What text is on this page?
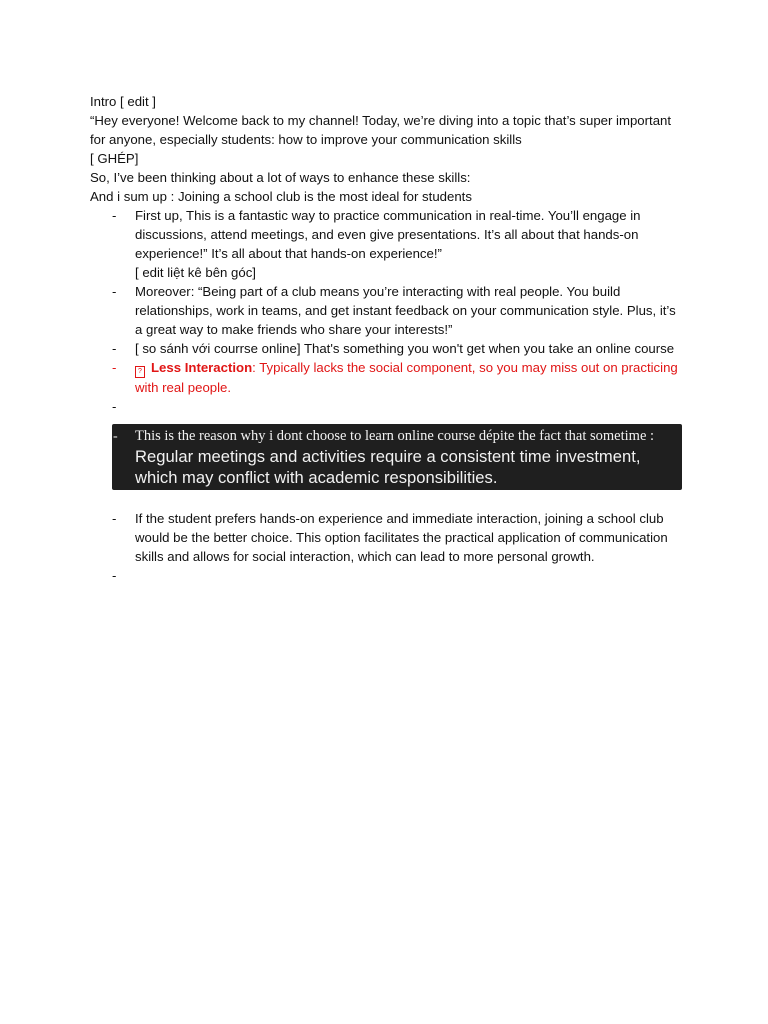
Intro [ edit ]

“Hey everyone! Welcome back to my channel! Today, we’re diving into a topic that’s super important for anyone, especially students: how to improve your communication skills

[ GHÉP]

So, I’ve been thinking about a lot of ways to enhance these skills:

And i sum up : Joining a school club is the most ideal for students

- First up, This is a fantastic way to practice communication in real-time. You’ll engage in discussions, attend meetings, and even give presentations. It’s all about that hands-on experience!” It’s all about that hands-on experience!”
[ edit liệt kê bên góc]
- Moreover: “Being part of a club means you’re interacting with real people. You build relationships, work in teams, and get instant feedback on your communication style. Plus, it’s a great way to make friends who share your interests!”
- [ so sánh với courrse online] That's something you won't get when you take an online course
-	? Less Interaction: Typically lacks the social component, so you may miss out on practicing with real people.
-
- This is the reason why i dont choose to learn online course dépite the fact that sometime :
Regular meetings and activities require a consistent time investment, which may conflict with academic responsibilities.
- If the student prefers hands-on experience and immediate interaction, joining a school club would be the better choice. This option facilitates the practical application of communication skills and allows for social interaction, which can lead to more personal growth.
-
